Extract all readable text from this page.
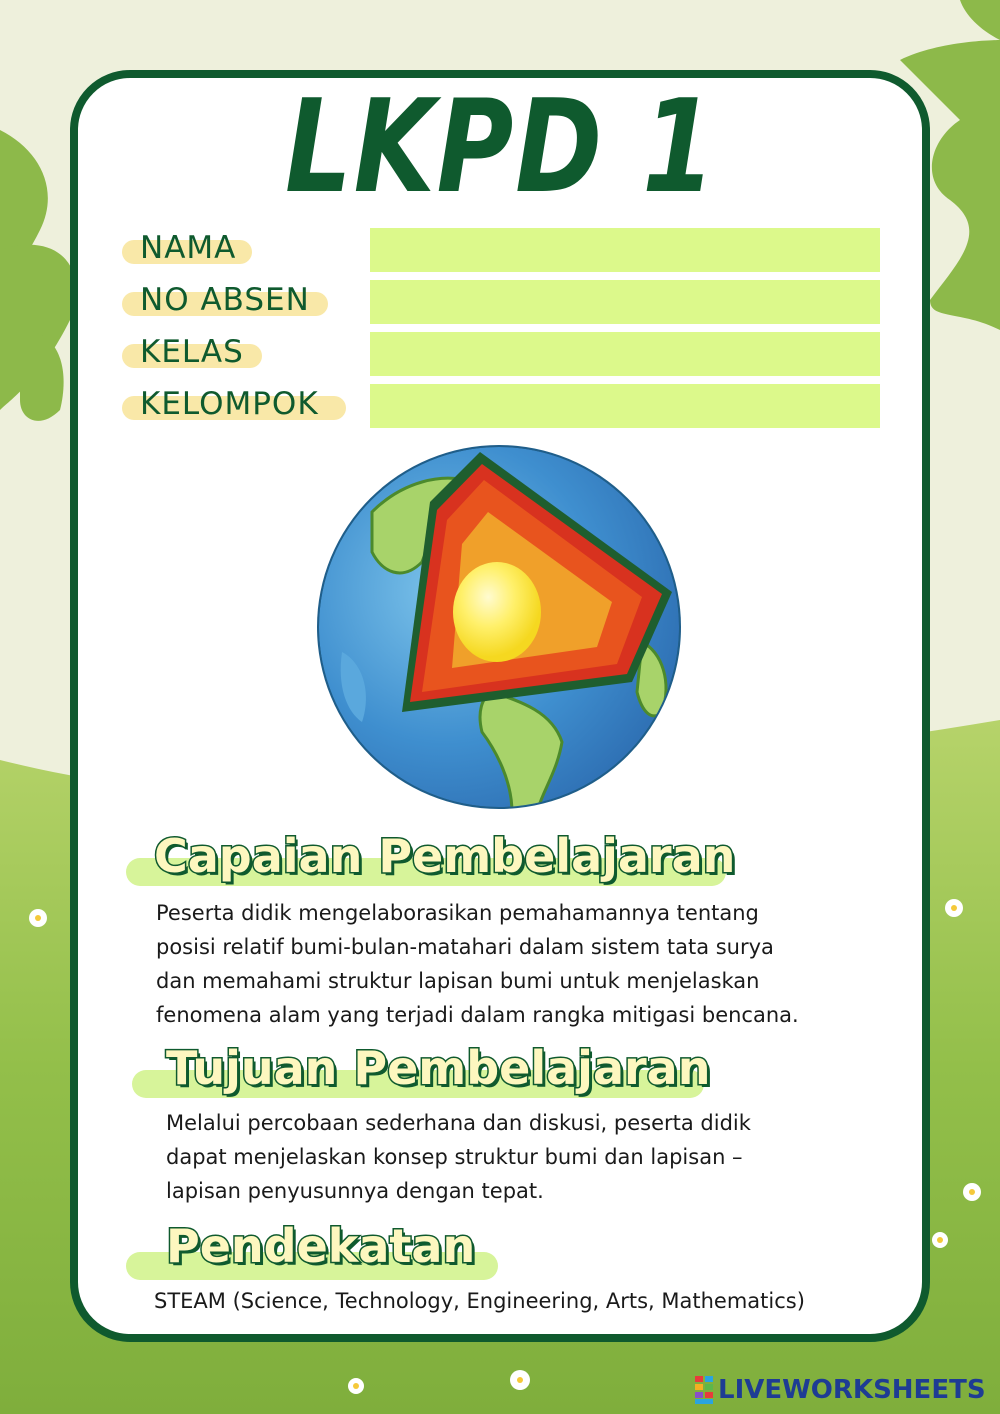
LKPD 1
NAMA
NO ABSEN
KELAS
KELOMPOK
Capaian Pembelajaran
Peserta didik mengelaborasikan pemahamannya tentang
posisi relatif bumi-bulan-matahari dalam sistem tata surya
dan memahami struktur lapisan bumi untuk menjelaskan
fenomena alam yang terjadi dalam rangka mitigasi bencana.
Tujuan Pembelajaran
Melalui percobaan sederhana dan diskusi, peserta didik
dapat menjelaskan konsep struktur bumi dan lapisan –
lapisan penyusunnya dengan tepat.
Pendekatan
STEAM (Science, Technology, Engineering, Arts, Mathematics)
LIVEWORKSHEETS
